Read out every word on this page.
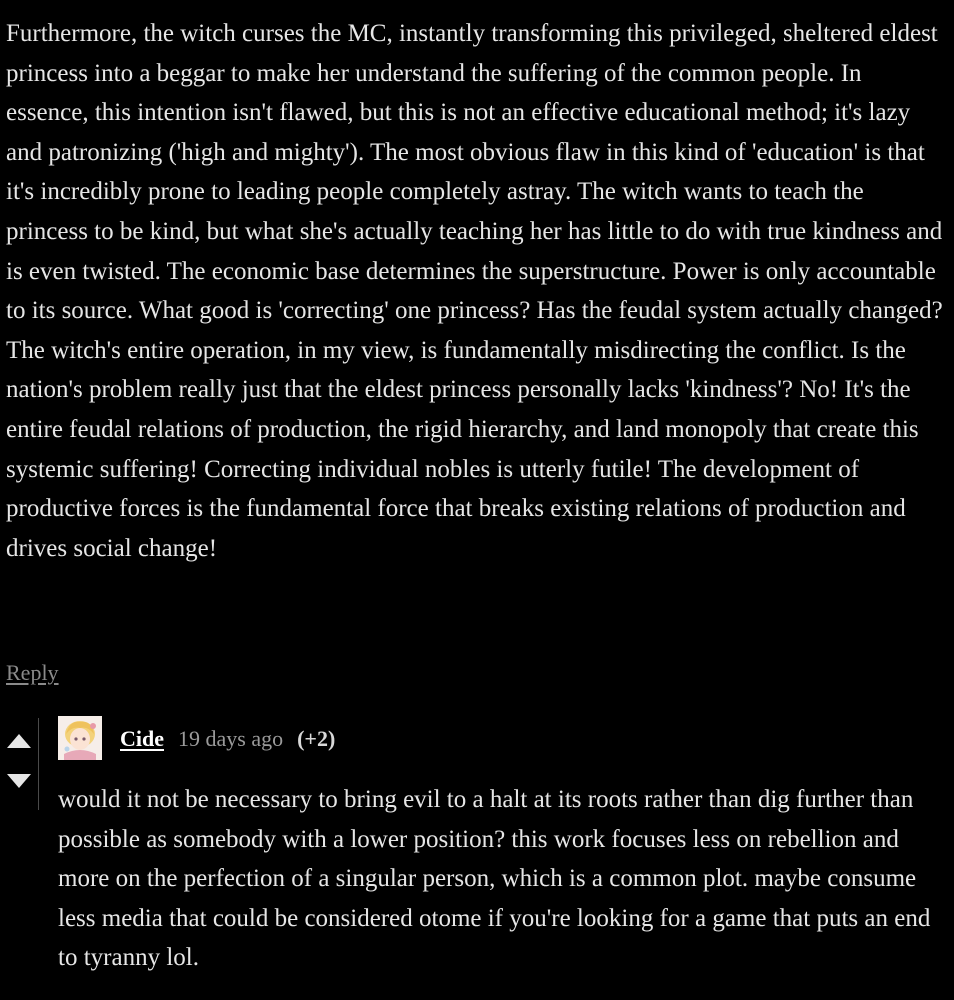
Furthermore, the witch curses the MC, instantly transforming this privileged, sheltered eldest princess into a beggar to make her understand the suffering of the common people. In essence, this intention isn't flawed, but this is not an effective educational method; it's lazy and patronizing ('high and mighty'). The most obvious flaw in this kind of 'education' is that it's incredibly prone to leading people completely astray. The witch wants to teach the princess to be kind, but what she's actually teaching her has little to do with true kindness and is even twisted. The economic base determines the superstructure. Power is only accountable to its source. What good is 'correcting' one princess? Has the feudal system actually changed? The witch's entire operation, in my view, is fundamentally misdirecting the conflict. Is the nation's problem really just that the eldest princess personally lacks 'kindness'? No! It's the entire feudal relations of production, the rigid hierarchy, and land monopoly that create this systemic suffering! Correcting individual nobles is utterly futile! The development of productive forces is the fundamental force that breaks existing relations of production and drives social change!

Reply
Cide 19 days ago (+2)

would it not be necessary to bring evil to a halt at its roots rather than dig further than possible as somebody with a lower position? this work focuses less on rebellion and more on the perfection of a singular person, which is a common plot. maybe consume less media that could be considered otome if you're looking for a game that puts an end to tyranny lol.
